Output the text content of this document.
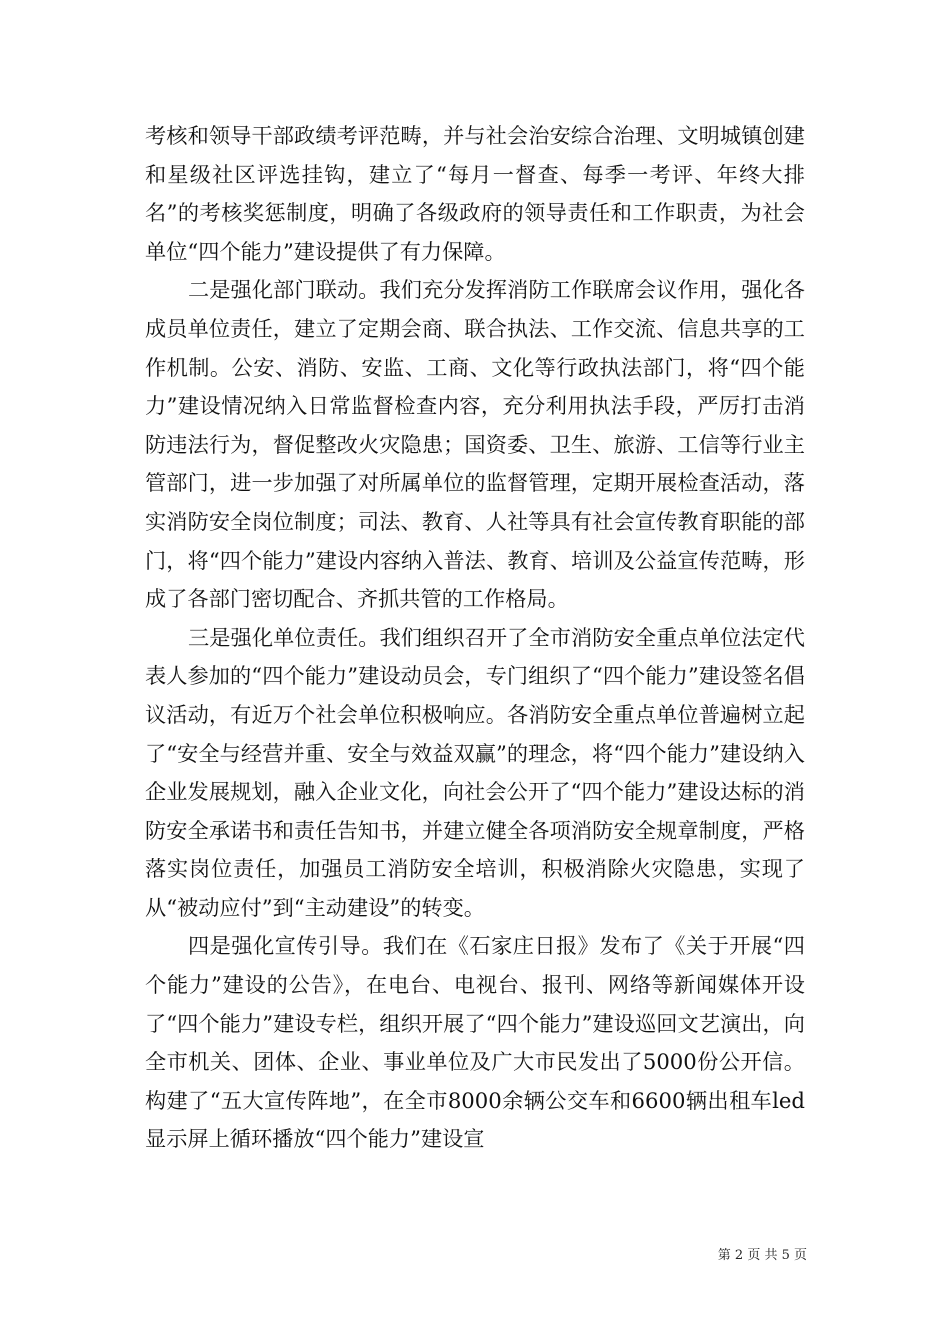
考核和领导干部政绩考评范畴，并与社会治安综合治理、文明城镇创建和星级社区评选挂钩，建立了“每月一督查、每季一考评、年终大排名”的考核奖惩制度，明确了各级政府的领导责任和工作职责，为社会单位“四个能力”建设提供了有力保障。

二是强化部门联动。我们充分发挥消防工作联席会议作用，强化各成员单位责任，建立了定期会商、联合执法、工作交流、信息共享的工作机制。公安、消防、安监、工商、文化等行政执法部门，将“四个能力”建设情况纳入日常监督检查内容，充分利用执法手段，严厉打击消防违法行为，督促整改火灾隐患；国资委、卫生、旅游、工信等行业主管部门，进一步加强了对所属单位的监督管理，定期开展检查活动，落实消防安全岗位制度；司法、教育、人社等具有社会宣传教育职能的部门，将“四个能力”建设内容纳入普法、教育、培训及公益宣传范畴，形成了各部门密切配合、齐抓共管的工作格局。

三是强化单位责任。我们组织召开了全市消防安全重点单位法定代表人参加的“四个能力”建设动员会，专门组织了“四个能力”建设签名倡议活动，有近万个社会单位积极响应。各消防安全重点单位普遍树立起了“安全与经营并重、安全与效益双赢”的理念，将“四个能力”建设纳入企业发展规划，融入企业文化，向社会公开了“四个能力”建设达标的消防安全承诺书和责任告知书，并建立健全各项消防安全规章制度，严格落实岗位责任，加强员工消防安全培训，积极消除火灾隐患，实现了从“被动应付”到“主动建设”的转变。

四是强化宣传引导。我们在《石家庄日报》发布了《关于开展“四个能力”建设的公告》，在电台、电视台、报刊、网络等新闻媒体开设了“四个能力”建设专栏，组织开展了“四个能力”建设巡回文艺演出，向全市机关、团体、企业、事业单位及广大市民发出了5000份公开信。构建了“五大宣传阵地”，在全市8000余辆公交车和6600辆出租车led显示屏上循环播放“四个能力”建设宣

第 2 页 共 5 页
